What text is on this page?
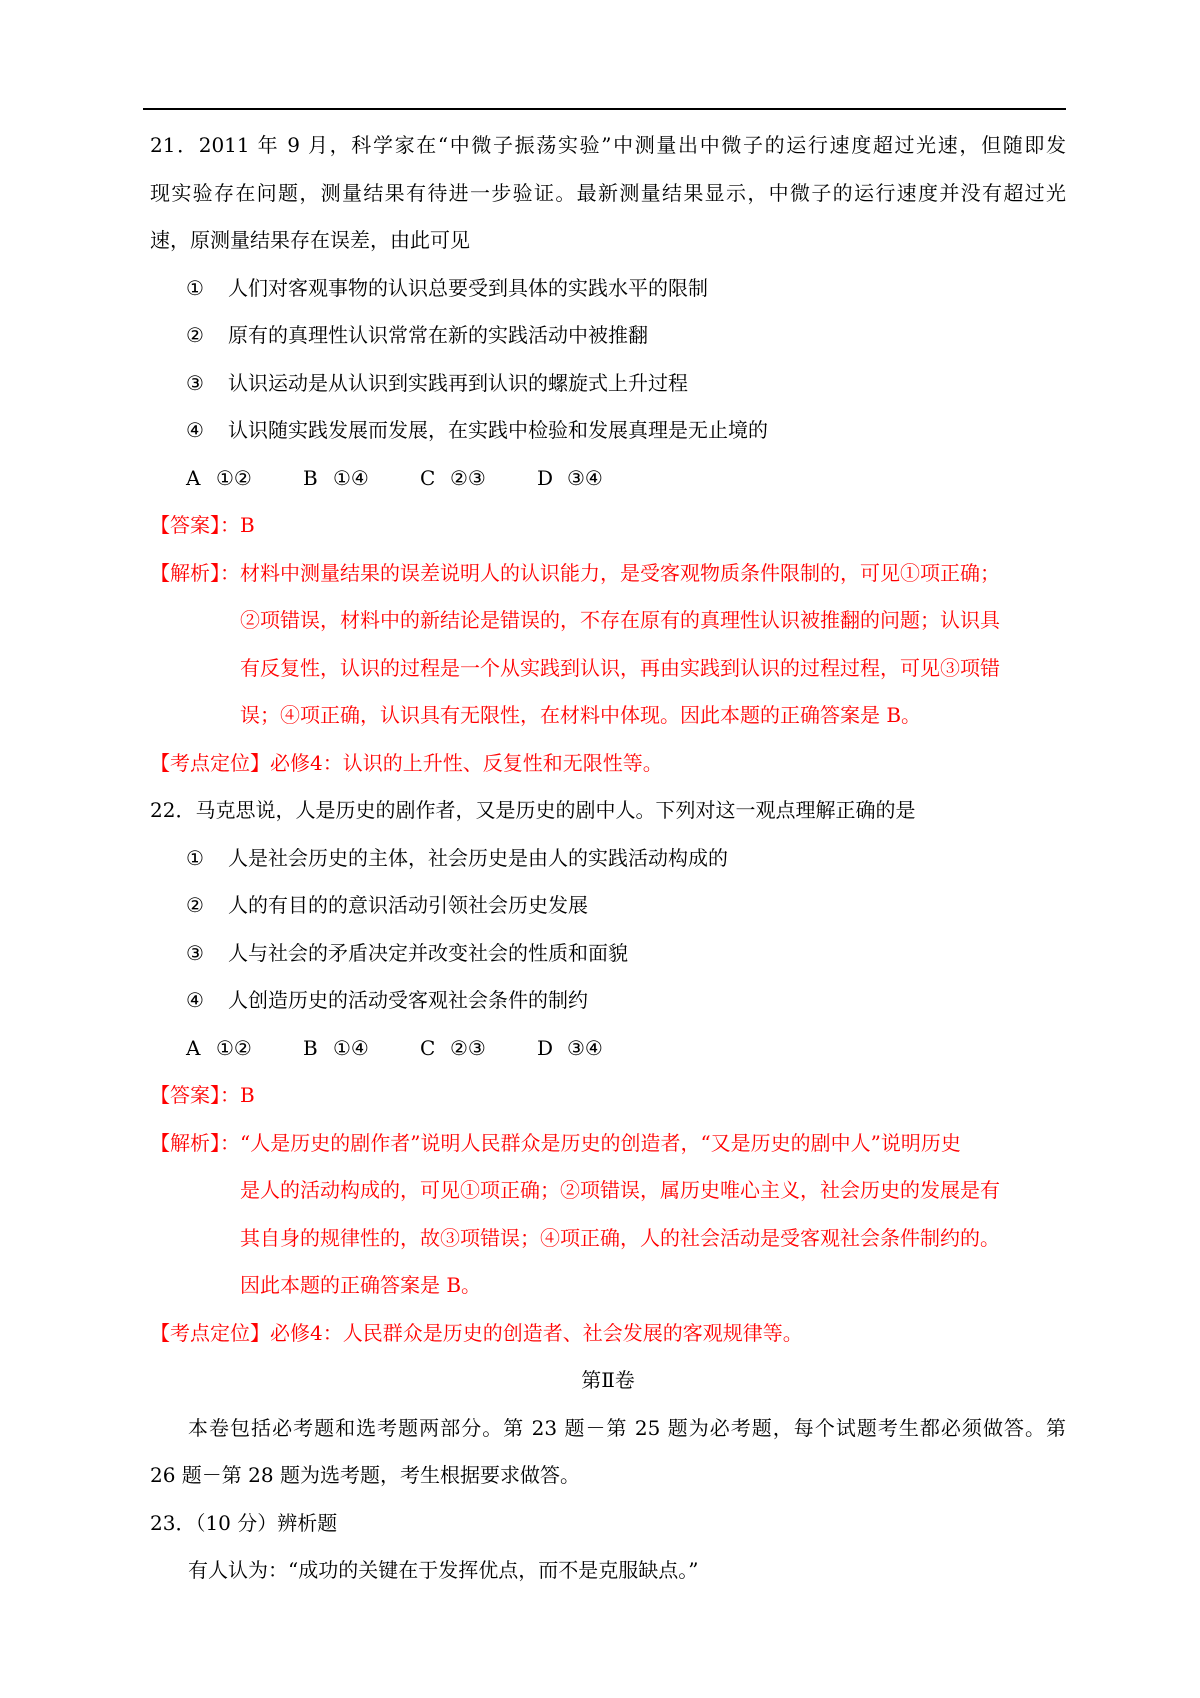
21．2011 年 9 月，科学家在“中微子振荡实验”中测量出中微子的运行速度超过光速，但随即发
现实验存在问题，测量结果有待进一步验证。最新测量结果显示，中微子的运行速度并没有超过光
速，原测量结果存在误差，由此可见
① 人们对客观事物的认识总要受到具体的实践水平的限制
② 原有的真理性认识常常在新的实践活动中被推翻
③ 认识运动是从认识到实践再到认识的螺旋式上升过程
④ 认识随实践发展而发展，在实践中检验和发展真理是无止境的
A ①②	B ①④	C ②③	D ③④
【答案】：B
【解析】：材料中测量结果的误差说明人的认识能力，是受客观物质条件限制的，可见①项正确；
②项错误，材料中的新结论是错误的，不存在原有的真理性认识被推翻的问题；认识具
有反复性，认识的过程是一个从实践到认识，再由实践到认识的过程过程，可见③项错
误；④项正确，认识具有无限性，在材料中体现。因此本题的正确答案是 B。
【考点定位】必修4：认识的上升性、反复性和无限性等。
22．马克思说，人是历史的剧作者，又是历史的剧中人。下列对这一观点理解正确的是
① 人是社会历史的主体，社会历史是由人的实践活动构成的
② 人的有目的的意识活动引领社会历史发展
③ 人与社会的矛盾决定并改变社会的性质和面貌
④ 人创造历史的活动受客观社会条件的制约
A ①②	B ①④	C ②③	D ③④
【答案】：B
【解析】：“人是历史的剧作者”说明人民群众是历史的创造者，“又是历史的剧中人”说明历史
是人的活动构成的，可见①项正确；②项错误，属历史唯心主义，社会历史的发展是有
其自身的规律性的，故③项错误；④项正确，人的社会活动是受客观社会条件制约的。
因此本题的正确答案是 B。
【考点定位】必修4：人民群众是历史的创造者、社会发展的客观规律等。
第Ⅱ卷
本卷包括必考题和选考题两部分。第 23 题－第 25 题为必考题，每个试题考生都必须做答。第
26 题－第 28 题为选考题，考生根据要求做答。
23．（10 分）辨析题
有人认为：“成功的关键在于发挥优点，而不是克服缺点。”
